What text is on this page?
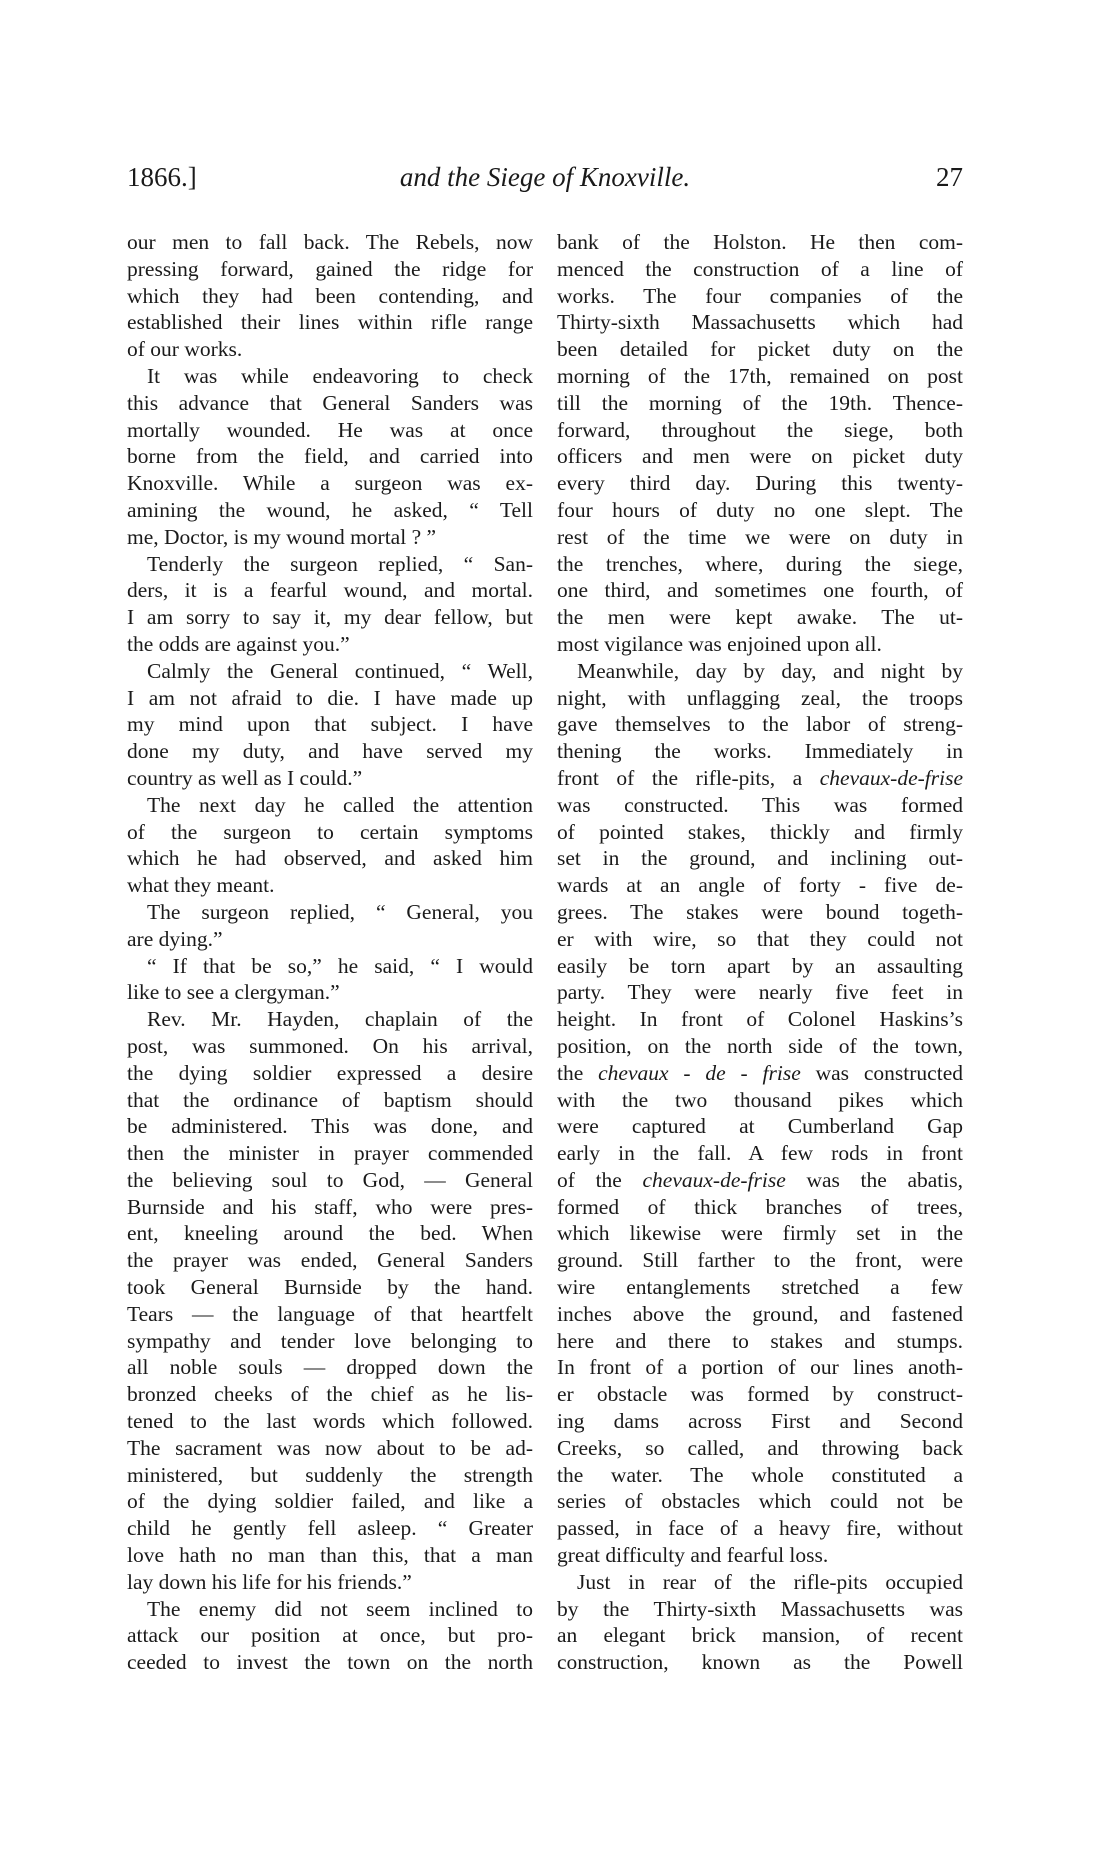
1866.]	and the Siege of Knoxville.	27
our men to fall back. The Rebels, now
pressing forward, gained the ridge for
which they had been contending, and
established their lines within rifle range
of our works.
It was while endeavoring to check
this advance that General Sanders was
mortally wounded. He was at once
borne from the field, and carried into
Knoxville. While a surgeon was ex-
amining the wound, he asked, “ Tell
me, Doctor, is my wound mortal ? ”
Tenderly the surgeon replied, “ San-
ders, it is a fearful wound, and mortal.
I am sorry to say it, my dear fellow, but
the odds are against you.”
Calmly the General continued, “ Well,
I am not afraid to die. I have made up
my mind upon that subject. I have
done my duty, and have served my
country as well as I could.”
The next day he called the attention
of the surgeon to certain symptoms
which he had observed, and asked him
what they meant.
The surgeon replied, “ General, you
are dying.”
“ If that be so,” he said, “ I would
like to see a clergyman.”
Rev. Mr. Hayden, chaplain of the
post, was summoned. On his arrival,
the dying soldier expressed a desire
that the ordinance of baptism should
be administered. This was done, and
then the minister in prayer commended
the believing soul to God, — General
Burnside and his staff, who were pres-
ent, kneeling around the bed. When
the prayer was ended, General Sanders
took General Burnside by the hand.
Tears — the language of that heartfelt
sympathy and tender love belonging to
all noble souls — dropped down the
bronzed cheeks of the chief as he lis-
tened to the last words which followed.
The sacrament was now about to be ad-
ministered, but suddenly the strength
of the dying soldier failed, and like a
child he gently fell asleep. “ Greater
love hath no man than this, that a man
lay down his life for his friends.”
The enemy did not seem inclined to
attack our position at once, but pro-
ceeded to invest the town on the north
bank of the Holston. He then com-
menced the construction of a line of
works. The four companies of the
Thirty-sixth Massachusetts which had
been detailed for picket duty on the
morning of the 17th, remained on post
till the morning of the 19th. Thence-
forward, throughout the siege, both
officers and men were on picket duty
every third day. During this twenty-
four hours of duty no one slept. The
rest of the time we were on duty in
the trenches, where, during the siege,
one third, and sometimes one fourth, of
the men were kept awake. The ut-
most vigilance was enjoined upon all.
Meanwhile, day by day, and night by
night, with unflagging zeal, the troops
gave themselves to the labor of streng-
thening the works. Immediately in
front of the rifle-pits, a chevaux-de-frise
was constructed. This was formed
of pointed stakes, thickly and firmly
set in the ground, and inclining out-
wards at an angle of forty - five de-
grees. The stakes were bound togeth-
er with wire, so that they could not
easily be torn apart by an assaulting
party. They were nearly five feet in
height. In front of Colonel Haskins’s
position, on the north side of the town,
the chevaux - de - frise was constructed
with the two thousand pikes which
were captured at Cumberland Gap
early in the fall. A few rods in front
of the chevaux-de-frise was the abatis,
formed of thick branches of trees,
which likewise were firmly set in the
ground. Still farther to the front, were
wire entanglements stretched a few
inches above the ground, and fastened
here and there to stakes and stumps.
In front of a portion of our lines anoth-
er obstacle was formed by construct-
ing dams across First and Second
Creeks, so called, and throwing back
the water. The whole constituted a
series of obstacles which could not be
passed, in face of a heavy fire, without
great difficulty and fearful loss.
Just in rear of the rifle-pits occupied
by the Thirty-sixth Massachusetts was
an elegant brick mansion, of recent
construction, known as the Powell
